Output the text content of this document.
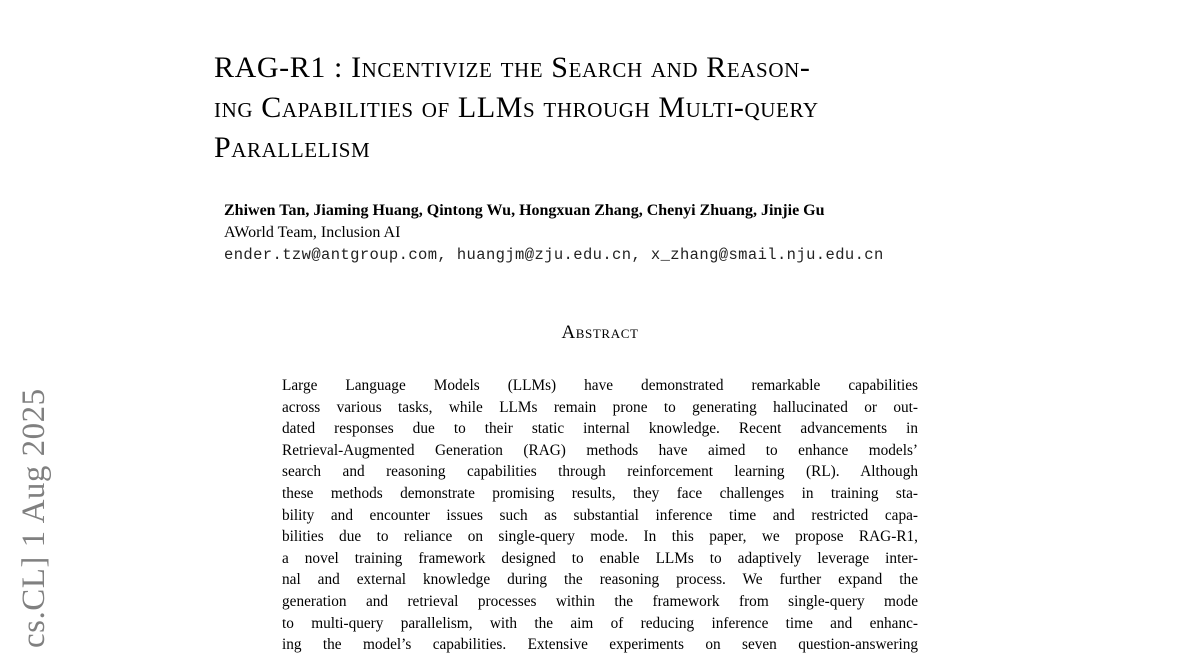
cs.CL] 1 Aug 2025
RAG-R1 : Incentivize the Search and Reason-
ing Capabilities of LLMs through Multi-query
Parallelism
Zhiwen Tan, Jiaming Huang, Qintong Wu, Hongxuan Zhang, Chenyi Zhuang, Jinjie Gu
AWorld Team, Inclusion AI
ender.tzw@antgroup.com, huangjm@zju.edu.cn, x_zhang@smail.nju.edu.cn
Abstract
Large Language Models (LLMs) have demonstrated remarkable capabilities
across various tasks, while LLMs remain prone to generating hallucinated or out-
dated responses due to their static internal knowledge. Recent advancements in
Retrieval-Augmented Generation (RAG) methods have aimed to enhance models’
search and reasoning capabilities through reinforcement learning (RL). Although
these methods demonstrate promising results, they face challenges in training sta-
bility and encounter issues such as substantial inference time and restricted capa-
bilities due to reliance on single-query mode. In this paper, we propose RAG-R1,
a novel training framework designed to enable LLMs to adaptively leverage inter-
nal and external knowledge during the reasoning process. We further expand the
generation and retrieval processes within the framework from single-query mode
to multi-query parallelism, with the aim of reducing inference time and enhanc-
ing the model’s capabilities. Extensive experiments on seven question-answering
